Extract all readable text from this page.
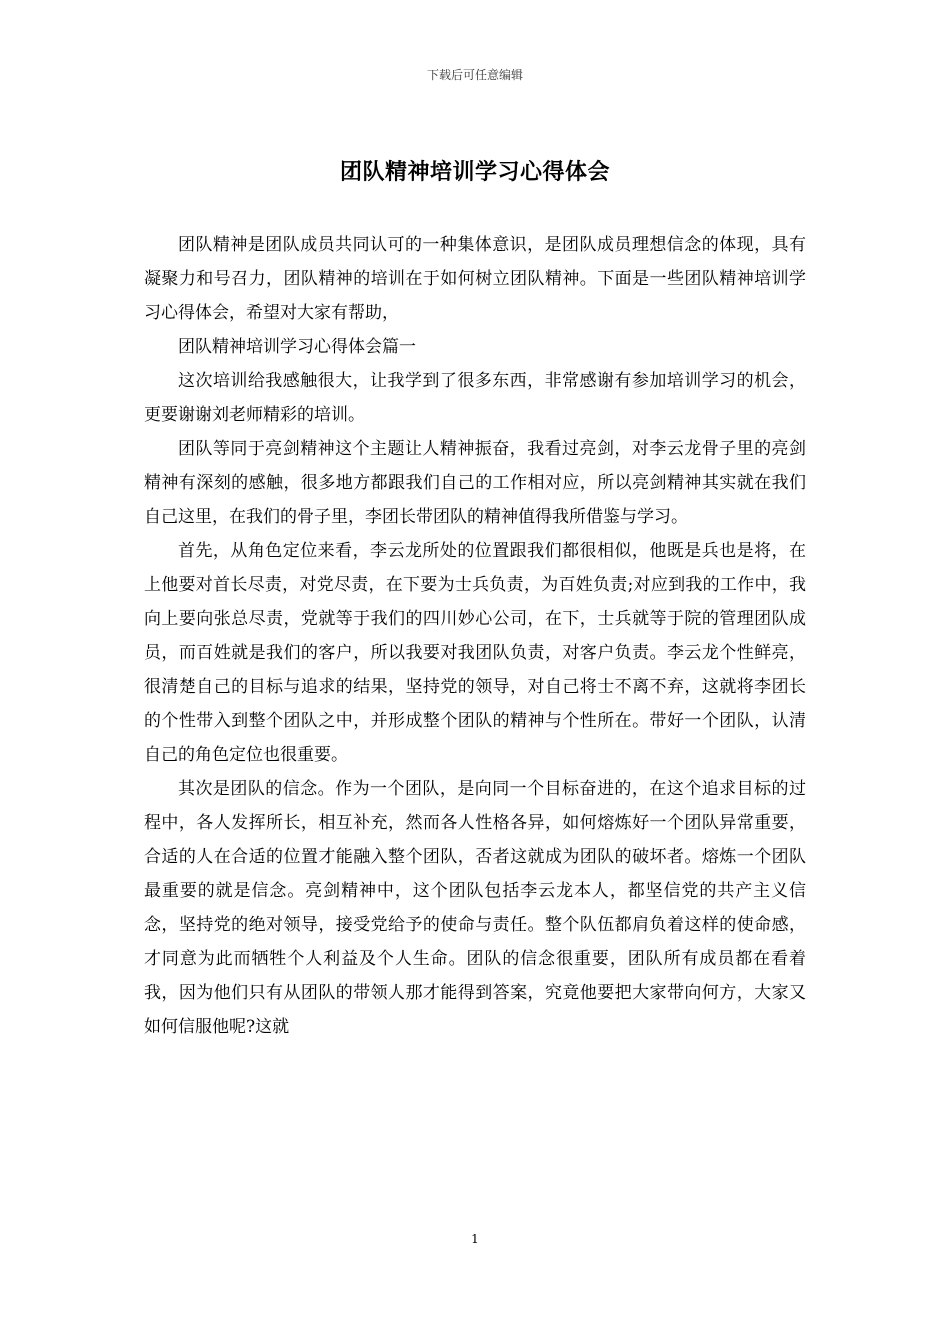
下载后可任意编辑
团队精神培训学习心得体会

团队精神是团队成员共同认可的一种集体意识，是团队成员理想信念的体现，具有凝聚力和号召力，团队精神的培训在于如何树立团队精神。下面是一些团队精神培训学习心得体会，希望对大家有帮助，

团队精神培训学习心得体会篇一

这次培训给我感触很大，让我学到了很多东西，非常感谢有参加培训学习的机会，更要谢谢刘老师精彩的培训。

团队等同于亮剑精神这个主题让人精神振奋，我看过亮剑，对李云龙骨子里的亮剑精神有深刻的感触，很多地方都跟我们自己的工作相对应，所以亮剑精神其实就在我们自己这里，在我们的骨子里，李团长带团队的精神值得我所借鉴与学习。

首先，从角色定位来看，李云龙所处的位置跟我们都很相似，他既是兵也是将，在上他要对首长尽责，对党尽责，在下要为士兵负责，为百姓负责;对应到我的工作中，我向上要向张总尽责，党就等于我们的四川妙心公司，在下，士兵就等于院的管理团队成员，而百姓就是我们的客户，所以我要对我团队负责，对客户负责。李云龙个性鲜亮，很清楚自己的目标与追求的结果，坚持党的领导，对自己将士不离不弃，这就将李团长的个性带入到整个团队之中，并形成整个团队的精神与个性所在。带好一个团队，认清自己的角色定位也很重要。

其次是团队的信念。作为一个团队，是向同一个目标奋进的，在这个追求目标的过程中，各人发挥所长，相互补充，然而各人性格各异，如何熔炼好一个团队异常重要，合适的人在合适的位置才能融入整个团队，否者这就成为团队的破坏者。熔炼一个团队最重要的就是信念。亮剑精神中，这个团队包括李云龙本人，都坚信党的共产主义信念，坚持党的绝对领导，接受党给予的使命与责任。整个队伍都肩负着这样的使命感，才同意为此而牺牲个人利益及个人生命。团队的信念很重要，团队所有成员都在看着我，因为他们只有从团队的带领人那才能得到答案，究竟他要把大家带向何方，大家又如何信服他呢?这就

1
